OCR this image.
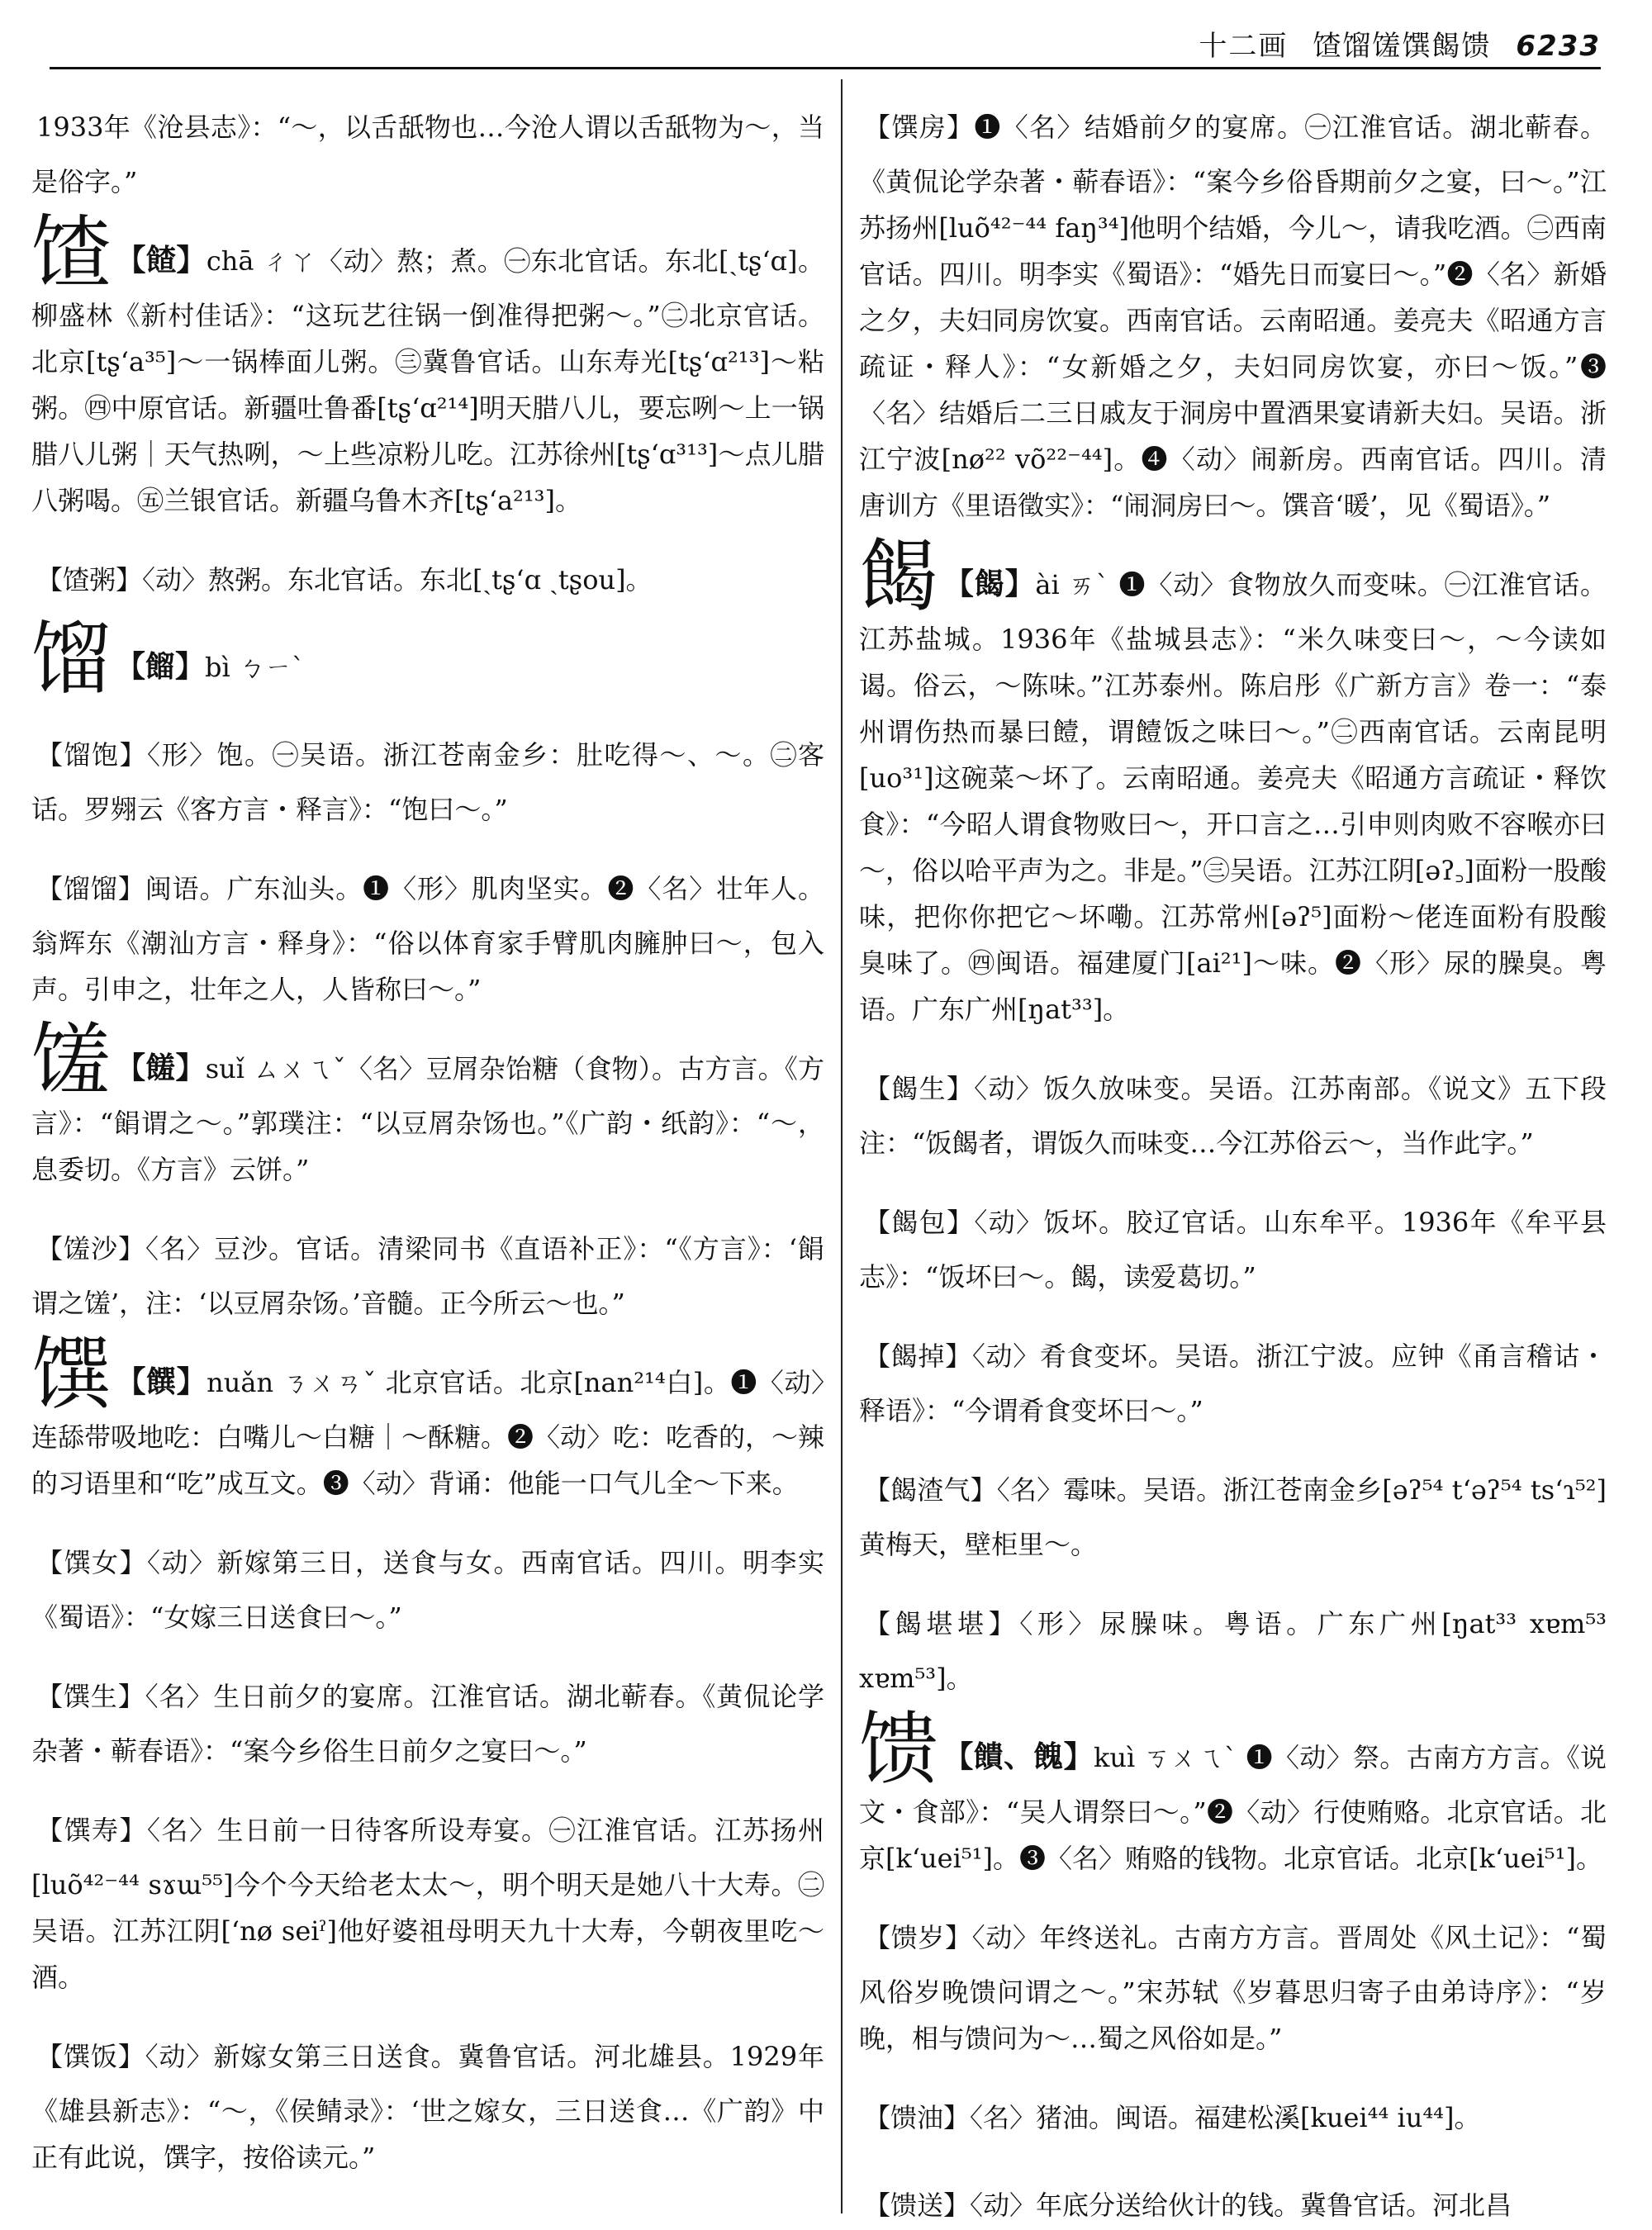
十二画 馇馏馐馔餲馈 6233
1933年《沧县志》：“～，以舌舐物也…今沧人谓以舌舐物为～，当是俗字。”
馇 【餷】chā ㄔㄚ〈动〉熬；煮。㊀东北官话。东北[ˏtʂʻɑ]。柳盛林《新村佳话》：“这玩艺往锅一倒准得把粥～。”㊁北京官话。北京[tʂʻa³⁵]～一锅棒面儿粥。㊂冀鲁官话。山东寿光[tʂʻɑ²¹³]～粘粥。㊃中原官话。新疆吐鲁番[tʂʻɑ²¹⁴]明天腊八儿，要忘咧～上一锅腊八儿粥｜天气热咧，～上些凉粉儿吃。江苏徐州[tʂʻɑ³¹³]～点儿腊八粥喝。㊄兰银官话。新疆乌鲁木齐[tʂʻa²¹³]。
【馇粥】〈动〉熬粥。东北官话。东北[ˏtʂʻɑ ˏtʂou]。
馏 【餾】bì ㄅㄧˋ
【馏饱】〈形〉饱。㊀吴语。浙江苍南金乡：肚吃得～、～。㊁客话。罗翙云《客方言・释言》：“饱曰～。”
【馏馏】闽语。广东汕头。❶〈形〉肌肉坚实。❷〈名〉壮年人。翁辉东《潮汕方言・释身》：“俗以体育家手臂肌肉臃肿曰～，包入声。引申之，壮年之人，人皆称曰～。”
馐 【饈】suǐ ㄙㄨㄟˇ〈名〉豆屑杂饴糖（食物）。古方言。《方言》：“䬼谓之～。”郭璞注：“以豆屑杂饧也。”《广韵・纸韵》：“～，息委切。《方言》云饼。”
【馐沙】〈名〉豆沙。官话。清梁同书《直语补正》：“《方言》：‘䬼谓之馐’，注：‘以豆屑杂饧。’音髓。正今所云～也。”
馔 【饌】nuǎn ㄋㄨㄢˇ 北京官话。北京[nan²¹⁴白]。❶〈动〉连舔带吸地吃：白嘴儿～白糖｜～酥糖。❷〈动〉吃：吃香的，～辣的习语里和“吃”成互文。❸〈动〉背诵：他能一口气儿全～下来。
【馔女】〈动〉新嫁第三日，送食与女。西南官话。四川。明李实《蜀语》：“女嫁三日送食曰～。”
【馔生】〈名〉生日前夕的宴席。江淮官话。湖北蕲春。《黄侃论学杂著・蕲春语》：“案今乡俗生日前夕之宴曰～。”
【馔寿】〈名〉生日前一日待客所设寿宴。㊀江淮官话。江苏扬州[luõ⁴²⁻⁴⁴ sɤɯ⁵⁵]今个今天给老太太～，明个明天是她八十大寿。㊁吴语。江苏江阴[ʻnø seiˀ]他好婆祖母明天九十大寿，今朝夜里吃～酒。
【馔饭】〈动〉新嫁女第三日送食。冀鲁官话。河北雄县。1929年《雄县新志》：“～，《侯鲭录》：‘世之嫁女，三日送食…《广韵》中正有此说，馔字，按俗读元。”
【馔房】❶〈名〉结婚前夕的宴席。㊀江淮官话。湖北蕲春。《黄侃论学杂著・蕲春语》：“案今乡俗昏期前夕之宴，曰～。”江苏扬州[luõ⁴²⁻⁴⁴ faŋ³⁴]他明个结婚，今儿～，请我吃酒。㊁西南官话。四川。明李实《蜀语》：“婚先日而宴曰～。”❷〈名〉新婚之夕，夫妇同房饮宴。西南官话。云南昭通。姜亮夫《昭通方言疏证・释人》：“女新婚之夕，夫妇同房饮宴，亦曰～饭。”❸〈名〉结婚后二三日戚友于洞房中置酒果宴请新夫妇。吴语。浙江宁波[nø²² võ²²⁻⁴⁴]。❹〈动〉闹新房。西南官话。四川。清唐训方《里语徵实》：“闹洞房曰～。馔音‘暖’，见《蜀语》。”
餲 【餲】ài ㄞˋ ❶〈动〉食物放久而变味。㊀江淮官话。江苏盐城。1936年《盐城县志》：“米久味变曰～，～今读如谒。俗云，～陈味。”江苏泰州。陈启彤《广新方言》卷一：“泰州谓伤热而暴曰饐，谓饐饭之味曰～。”㊁西南官话。云南昆明[uo³¹]这碗菜～坏了。云南昭通。姜亮夫《昭通方言疏证・释饮食》：“今昭人谓食物败曰～，开口言之…引申则肉败不容喉亦曰～，俗以哈平声为之。非是。”㊂吴语。江苏江阴[əʔ꜆]面粉一股酸味，把你你把它～坏嘞。江苏常州[əʔ⁵]面粉～佬连面粉有股酸臭味了。㊃闽语。福建厦门[ai²¹]～味。❷〈形〉尿的臊臭。粤语。广东广州[ŋat³³]。
【餲生】〈动〉饭久放味变。吴语。江苏南部。《说文》五下段注：“饭餲者，谓饭久而味变…今江苏俗云～，当作此字。”
【餲包】〈动〉饭坏。胶辽官话。山东牟平。1936年《牟平县志》：“饭坏曰～。餲，读爱葛切。”
【餲掉】〈动〉肴食变坏。吴语。浙江宁波。应钟《甬言稽诂・释语》：“今谓肴食变坏曰～。”
【餲渣气】〈名〉霉味。吴语。浙江苍南金乡[əʔ⁵⁴ tʻəʔ⁵⁴ tsʻɿ⁵²]黄梅天，壁柜里～。
【餲堪堪】〈形〉尿臊味。粤语。广东广州[ŋat³³ xɐm⁵³ xɐm⁵³]。
馈 【饋、餽】kuì ㄎㄨㄟˋ ❶〈动〉祭。古南方方言。《说文・食部》：“吴人谓祭曰～。”❷〈动〉行使贿赂。北京官话。北京[kʻuei⁵¹]。❸〈名〉贿赂的钱物。北京官话。北京[kʻuei⁵¹]。
【馈岁】〈动〉年终送礼。古南方方言。晋周处《风土记》：“蜀风俗岁晚馈问谓之～。”宋苏轼《岁暮思归寄子由弟诗序》：“岁晚，相与馈问为～…蜀之风俗如是。”
【馈油】〈名〉猪油。闽语。福建松溪[kuei⁴⁴ iu⁴⁴]。
【馈送】〈动〉年底分送给伙计的钱。冀鲁官话。河北昌
